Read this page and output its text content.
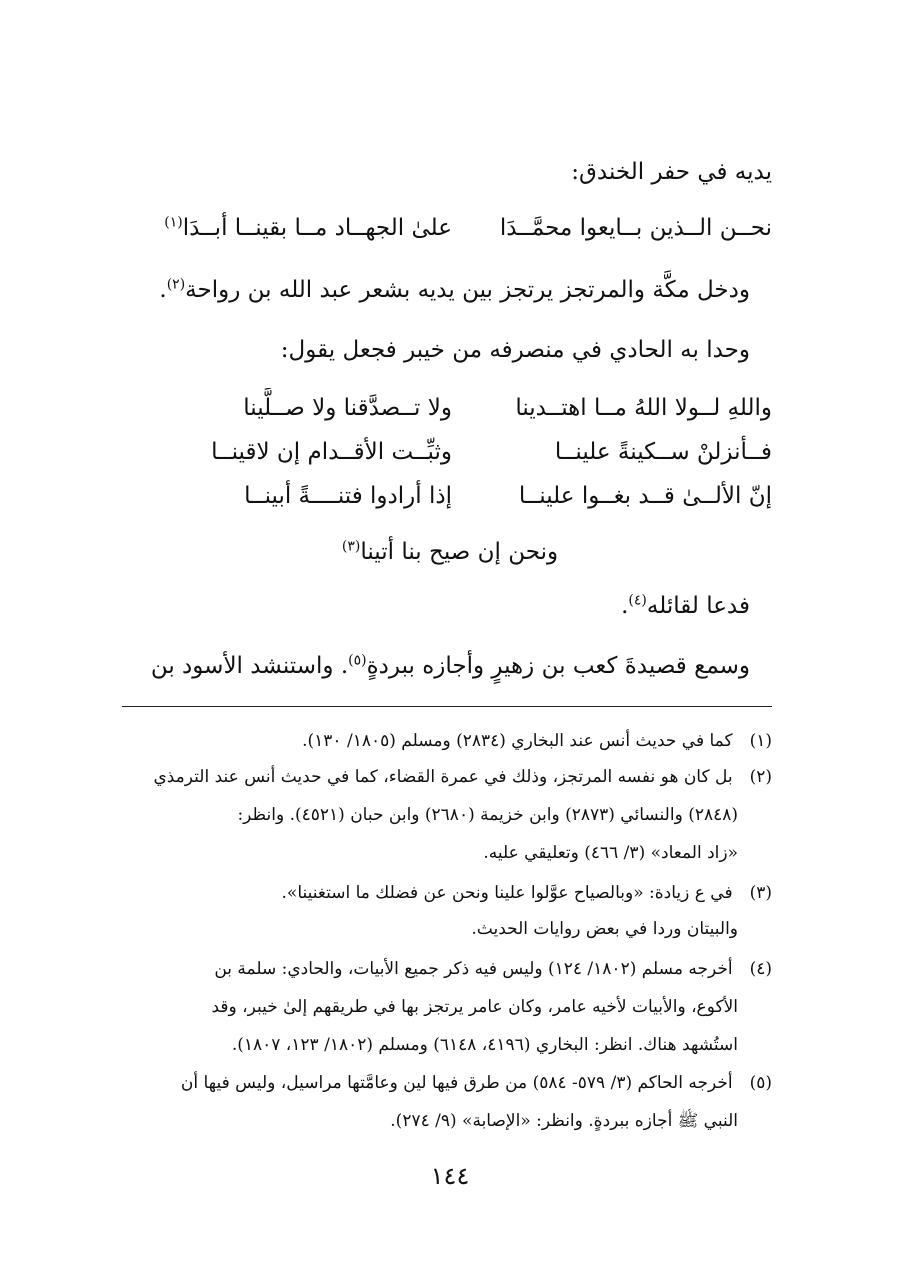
يديه في حفر الخندق:
نحــن الــذين بــايعوا محمَّــدَا
علىٰ الجهــاد مــا بقينــا أبــدَا$^{(١)}$
ودخل مكَّة والمرتجز يرتجز بين يديه بشعر عبد الله بن رواحة$^{(٢)}$.
وحدا به الحادي في منصرفه من خيبر فجعل يقول:
واللهِ لــولا اللهُ مــا اهتــدينا
ولا تــصدَّقنا ولا صــلَّينا
فــأنزلنْ ســكينةً علينــا
وثبِّــت الأقــدام إن لاقينــا
إنّ الألــىٰ قــد بغــوا علينــا
إذا أرادوا فتنــــةً أبينــا
ونحن إن صيح بنا أتينا$^{(٣)}$
فدعا لقائله$^{(٤)}$.
وسمع قصيدةَ كعب بن زهيرٍ وأجازه ببردةٍ$^{(٥)}$. واستنشد الأسود بن
(١) كما في حديث أنس عند البخاري (٢٨٣٤) ومسلم (١٨٠٥/ ١٣٠).
(٢) بل كان هو نفسه المرتجز، وذلك في عمرة القضاء، كما في حديث أنس عند الترمذي
(٢٨٤٨) والنسائي (٢٨٧٣) وابن خزيمة (٢٦٨٠) وابن حبان (٤٥٢١). وانظر:
«زاد المعاد» (٣/ ٤٦٦) وتعليقي عليه.
(٣) في ع زيادة: «وبالصياح عوَّلوا علينا ونحن عن فضلك ما استغنينا».
والبيتان وردا في بعض روايات الحديث.
(٤) أخرجه مسلم (١٨٠٢/ ١٢٤) وليس فيه ذكر جميع الأبيات، والحادي: سلمة بن
الأكوع، والأبيات لأخيه عامر، وكان عامر يرتجز بها في طريقهم إلىٰ خيبر، وقد
استُشهد هناك. انظر: البخاري (٤١٩٦، ٦١٤٨) ومسلم (١٨٠٢/ ١٢٣، ١٨٠٧).
(٥) أخرجه الحاكم (٣/ ٥٧٩- ٥٨٤) من طرق فيها لين وعامَّتها مراسيل، وليس فيها أن
النبي ﷺ أجازه ببردةٍ. وانظر: «الإصابة» (٩/ ٢٧٤).
١٤٤
